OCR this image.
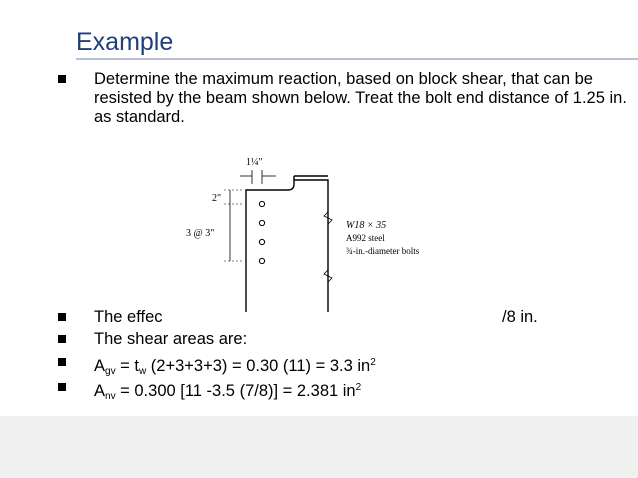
Example
Determine the maximum reaction, based on block shear, that can be resisted by the beam shown below. Treat the bolt end distance of 1.25 in. as standard.
The effec	/8 in.
The shear areas are:
$A_{gv} = t_w$ (2+3+3+3) = 0.30 (11) = 3.3 $in^2$
$A_{nv} = 0.300$ [11 -3.5 (7/8)] = 2.381 $in^2$
1¼"
2"
3 @ 3"
W18 × 35
A992 steel
¾-in.-diameter bolts
